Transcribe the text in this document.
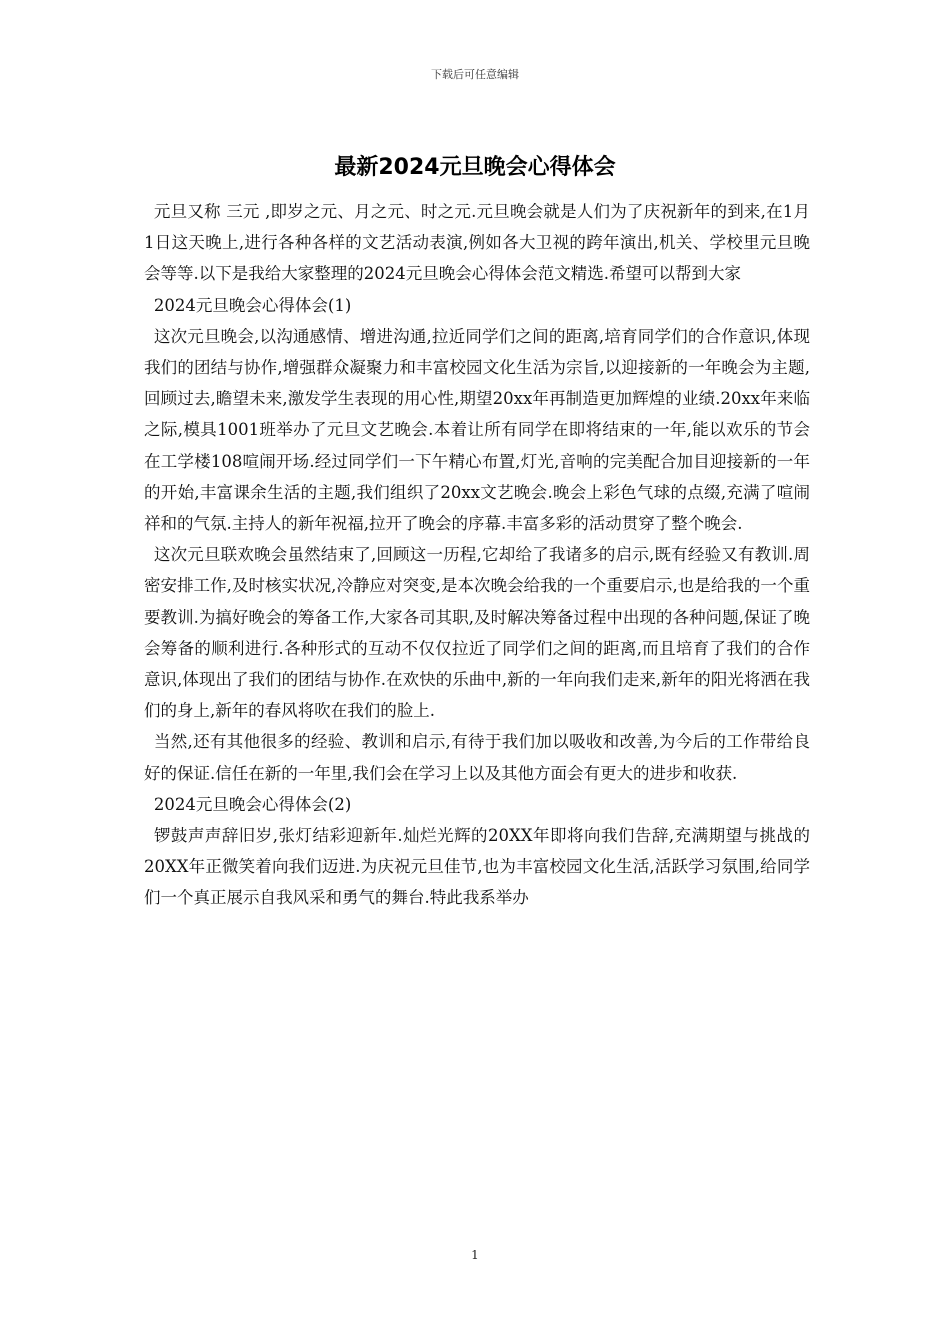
下载后可任意编辑
最新2024元旦晚会心得体会

元旦又称 三元 ,即岁之元、月之元、时之元.元旦晚会就是人们为了庆祝新年的到来,在1月1日这天晚上,进行各种各样的文艺活动表演,例如各大卫视的跨年演出,机关、学校里元旦晚会等等.以下是我给大家整理的2024元旦晚会心得体会范文精选.希望可以帮到大家

2024元旦晚会心得体会(1)

这次元旦晚会,以沟通感情、增进沟通,拉近同学们之间的距离,培育同学们的合作意识,体现我们的团结与协作,增强群众凝聚力和丰富校园文化生活为宗旨,以迎接新的一年晚会为主题,回顾过去,瞻望未来,激发学生表现的用心性,期望20xx年再制造更加辉煌的业绩.20xx年来临之际,模具1001班举办了元旦文艺晚会.本着让所有同学在即将结束的一年,能以欢乐的节会在工学楼108喧闹开场.经过同学们一下午精心布置,灯光,音响的完美配合加目迎接新的一年的开始,丰富课余生活的主题,我们组织了20xx文艺晚会.晚会上彩色气球的点缀,充满了喧闹祥和的气氛.主持人的新年祝福,拉开了晚会的序幕.丰富多彩的活动贯穿了整个晚会.

这次元旦联欢晚会虽然结束了,回顾这一历程,它却给了我诸多的启示,既有经验又有教训.周密安排工作,及时核实状况,冷静应对突变,是本次晚会给我的一个重要启示,也是给我的一个重要教训.为搞好晚会的筹备工作,大家各司其职,及时解决筹备过程中出现的各种问题,保证了晚会筹备的顺利进行.各种形式的互动不仅仅拉近了同学们之间的距离,而且培育了我们的合作意识,体现出了我们的团结与协作.在欢快的乐曲中,新的一年向我们走来,新年的阳光将洒在我们的身上,新年的春风将吹在我们的脸上.

当然,还有其他很多的经验、教训和启示,有待于我们加以吸收和改善,为今后的工作带给良好的保证.信任在新的一年里,我们会在学习上以及其他方面会有更大的进步和收获.

2024元旦晚会心得体会(2)

锣鼓声声辞旧岁,张灯结彩迎新年.灿烂光辉的20XX年即将向我们告辞,充满期望与挑战的20XX年正微笑着向我们迈进.为庆祝元旦佳节,也为丰富校园文化生活,活跃学习氛围,给同学们一个真正展示自我风采和勇气的舞台.特此我系举办

1
